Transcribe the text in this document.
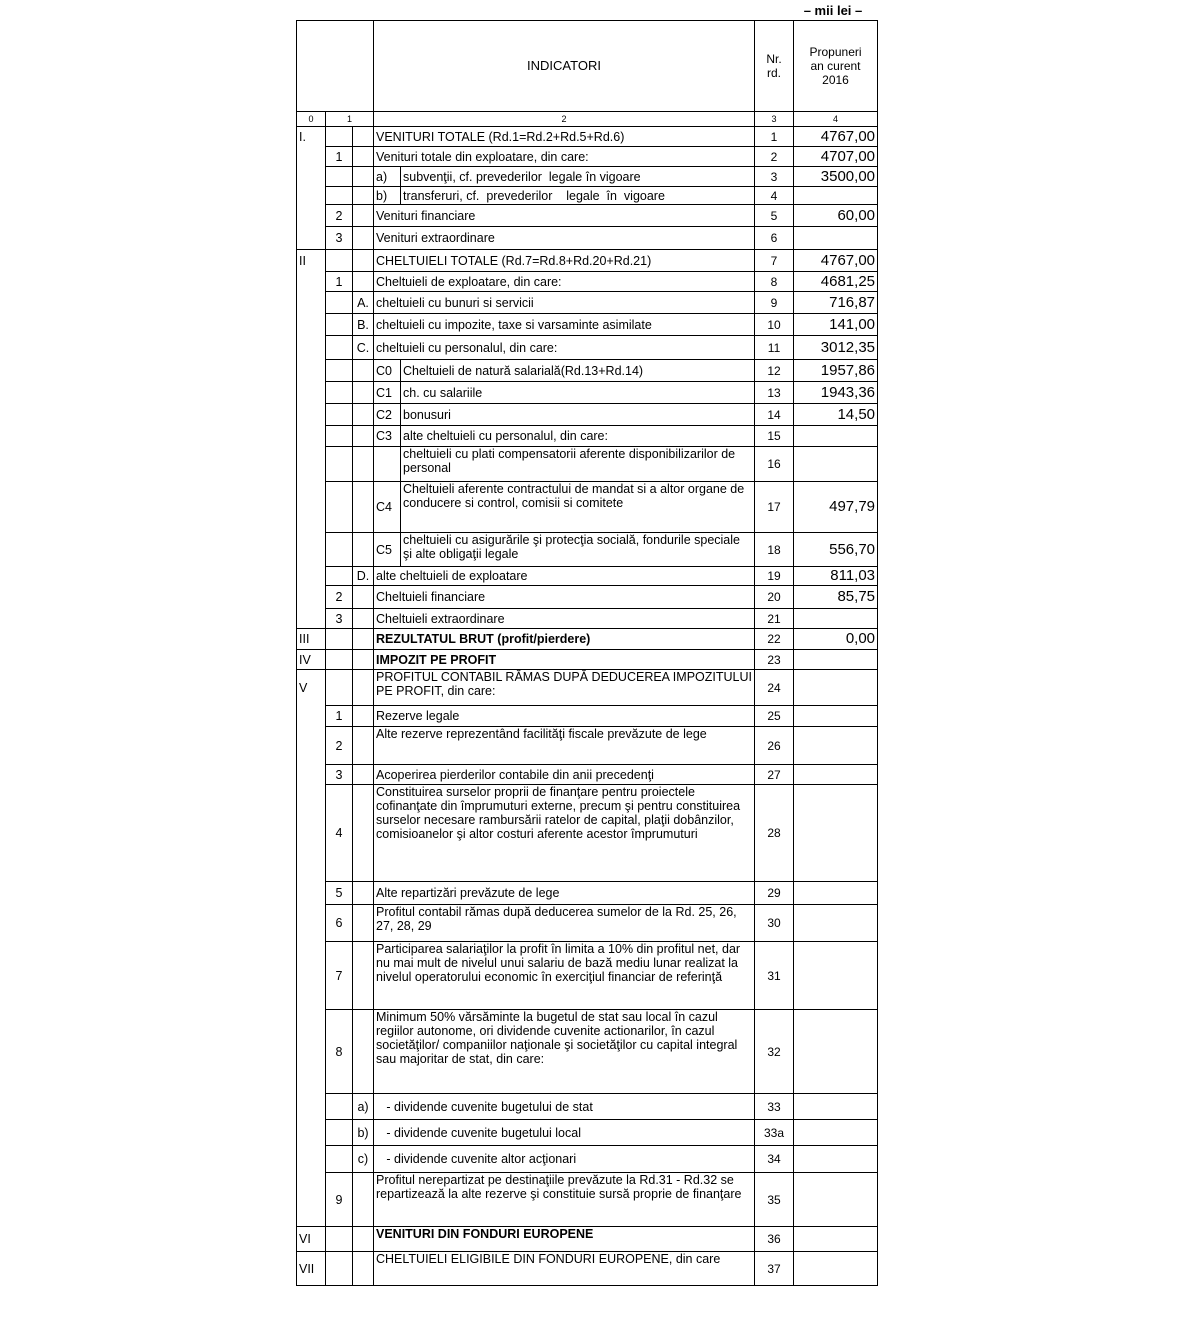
– mii lei –
			INDICATORI		Nr.
rd.	Propuneri
an curent
2016
0	1		2		3	4
I.			VENITURI TOTALE (Rd.1=Rd.2+Rd.5+Rd.6)		1	4767,00
	1		Venituri totale din exploatare, din care:		2	4707,00
			a)	subvenţii, cf. prevederilor  legale în vigoare	3	3500,00
			b)	transferuri, cf.  prevederilor    legale  în  vigoare	4	
	2		Venituri financiare		5	60,00
	3		Venituri extraordinare		6	
II			CHELTUIELI TOTALE (Rd.7=Rd.8+Rd.20+Rd.21)		7	4767,00
	1		Cheltuieli de exploatare, din care:		8	4681,25
		A.	cheltuieli cu bunuri si servicii		9	716,87
		B.	cheltuieli cu impozite, taxe si varsaminte asimilate		10	141,00
		C.	cheltuieli cu personalul, din care:		11	3012,35
			C0	Cheltuieli de natură salarială(Rd.13+Rd.14)	12	1957,86
			C1	ch. cu salariile	13	1943,36
			C2	bonusuri	14	14,50
			C3	alte cheltuieli cu personalul, din care:	15	
				cheltuieli cu plati compensatorii aferente disponibilizarilor de personal	16	
			C4	Cheltuieli aferente contractului de mandat si a altor organe de conducere si control, comisii si comitete	17	497,79
			C5	cheltuieli cu asigurările şi protecţia socială, fondurile speciale şi alte obligaţii legale	18	556,70
		D.	alte cheltuieli de exploatare		19	811,03
	2		Cheltuieli financiare		20	85,75
	3		Cheltuieli extraordinare		21	
III			REZULTATUL BRUT (profit/pierdere)		22	0,00
IV			IMPOZIT PE PROFIT		23	
V			PROFITUL CONTABIL RĂMAS DUPĂ DEDUCEREA IMPOZITULUI PE PROFIT, din care:		24	
	1		Rezerve legale		25	
	2		Alte rezerve reprezentând facilităţi fiscale prevăzute de lege		26	
	3		Acoperirea pierderilor contabile din anii precedenţi		27	
	4		Constituirea surselor proprii de finanţare pentru proiectele cofinanţate din împrumuturi externe, precum şi pentru constituirea surselor necesare rambursării ratelor de capital, plaţii dobânzilor, comisioanelor şi altor costuri aferente acestor împrumuturi		28	
	5		Alte repartizări prevăzute de lege		29	
	6		Profitul contabil rămas după deducerea sumelor de la Rd. 25, 26, 27, 28, 29		30	
	7		Participarea salariaţilor la profit în limita a 10% din profitul net, dar nu mai mult de nivelul unui salariu de bază mediu lunar realizat la nivelul operatorului economic în exerciţiul financiar de referinţă		31	
	8		Minimum 50% vărsăminte la bugetul de stat sau local în cazul regiilor autonome, ori dividende cuvenite actionarilor, în cazul societăţilor/ companiilor naţionale şi societăţilor cu capital integral sau majoritar de stat, din care:		32	
		a)	- dividende cuvenite bugetului de stat		33	
		b)	- dividende cuvenite bugetului local		33a	
		c)	- dividende cuvenite altor acţionari		34	
	9		Profitul nerepartizat pe destinaţiile prevăzute la Rd.31 - Rd.32 se repartizează la alte rezerve şi constituie sursă proprie de finanţare		35	
VI			VENITURI DIN FONDURI EUROPENE		36	
VII			CHELTUIELI ELIGIBILE DIN FONDURI EUROPENE, din care		37	
